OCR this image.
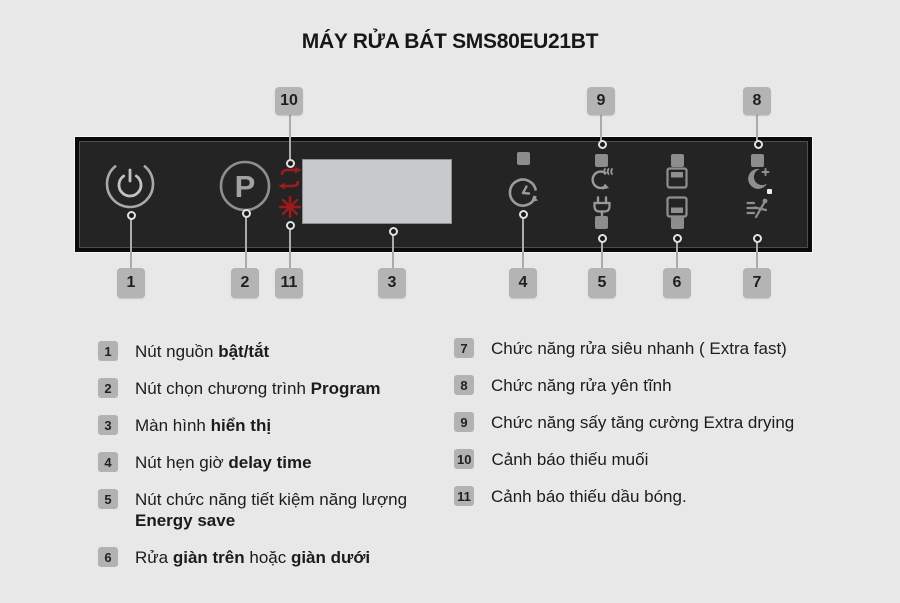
MÁY RỬA BÁT SMS80EU21BT
10	9	8
P
1	2	11	3	4	5	6	7
1	Nút nguồn bật/tắt
2	Nút chọn chương trình Program
3	Màn hình hiển thị
4	Nút hẹn giờ delay time
5	Nút chức năng tiết kiệm năng lượng
Energy save
6	Rửa giàn trên hoặc giàn dưới
7	Chức năng rửa siêu nhanh ( Extra fast)
8	Chức năng rửa yên tĩnh
9	Chức năng sấy tăng cường Extra drying
10 Cảnh báo thiếu muối
11 Cảnh báo thiếu dầu bóng.
